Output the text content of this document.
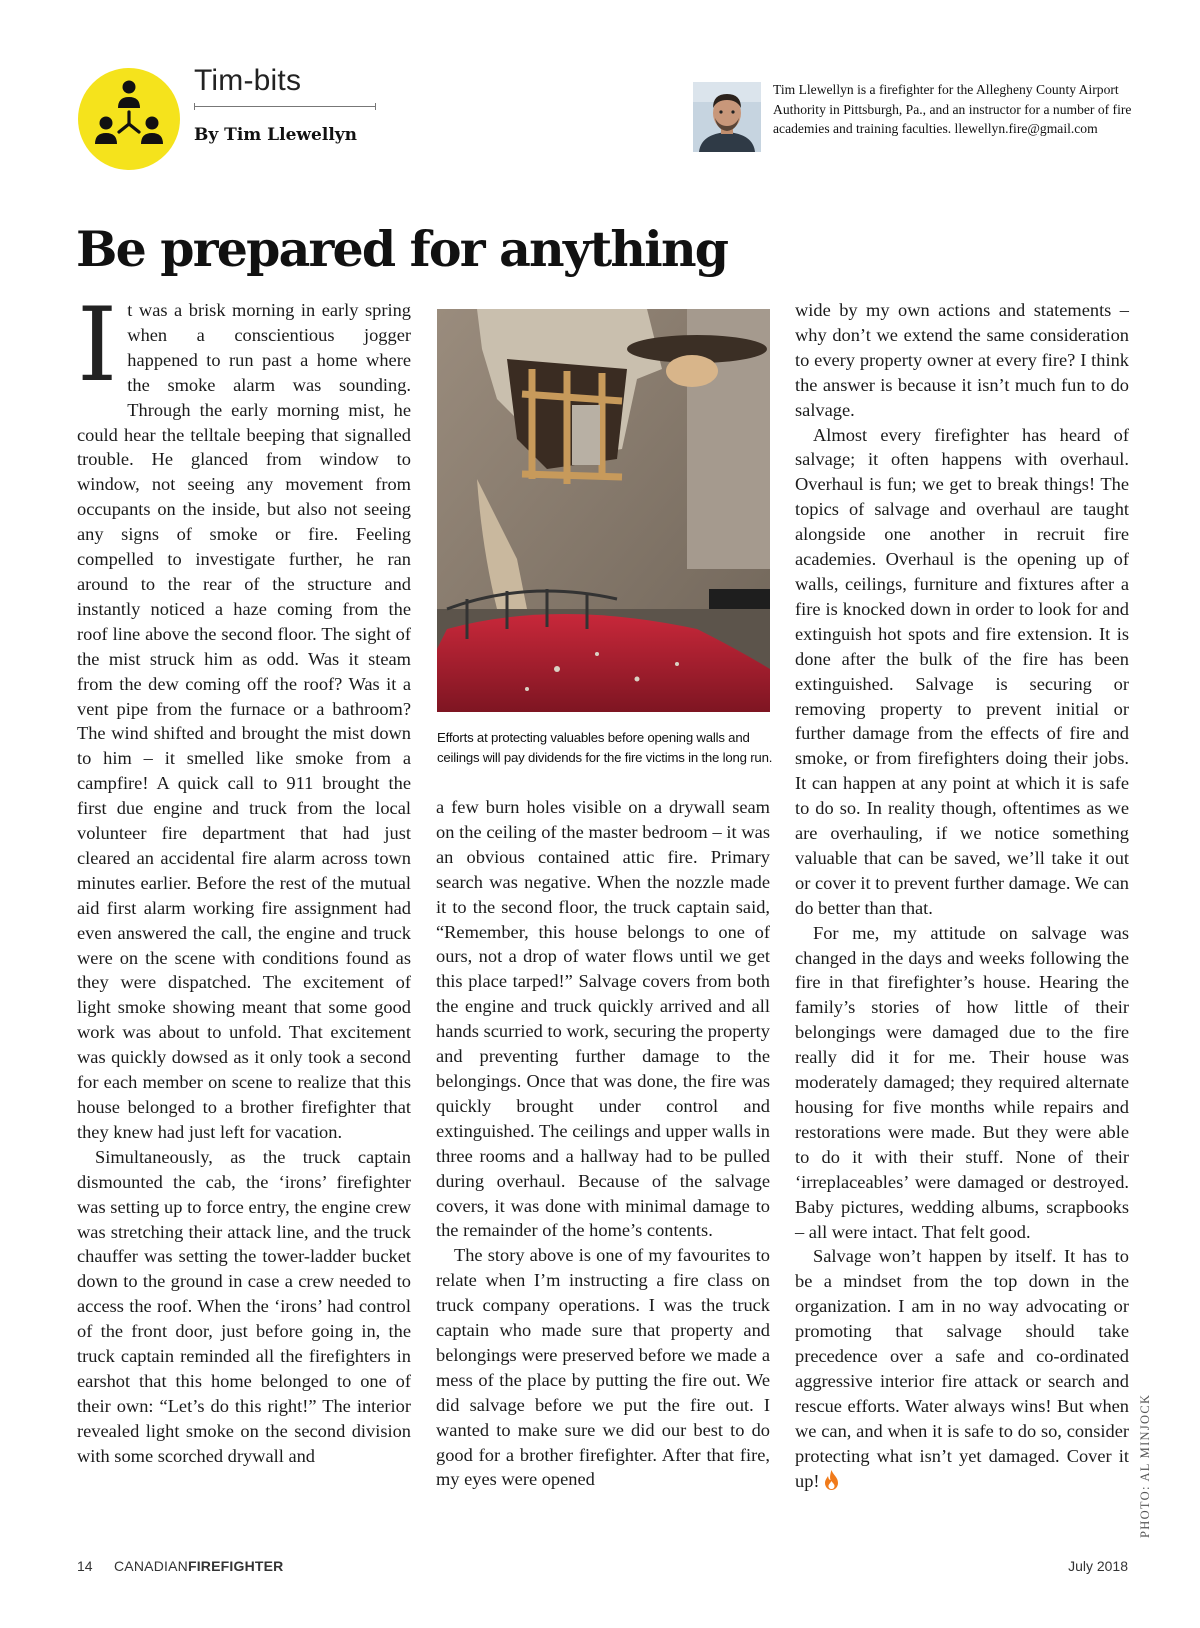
Tim-bits
By Tim Llewellyn
Tim Llewellyn is a firefighter for the Allegheny County Airport Authority in Pittsburgh, Pa., and an instructor for a number of fire academies and training faculties. llewellyn.fire@gmail.com
Be prepared for anything

It was a brisk morning in early spring when a conscientious jogger happened to run past a home where the smoke alarm was sounding. Through the early morning mist, he could hear the telltale beeping that signalled trouble. He glanced from window to window, not seeing any movement from occupants on the inside, but also not seeing any signs of smoke or fire. Feeling compelled to investigate further, he ran around to the rear of the structure and instantly noticed a haze coming from the roof line above the second floor. The sight of the mist struck him as odd. Was it steam from the dew coming off the roof? Was it a vent pipe from the furnace or a bathroom? The wind shifted and brought the mist down to him – it smelled like smoke from a campfire! A quick call to 911 brought the first due engine and truck from the local volunteer fire department that had just cleared an accidental fire alarm across town minutes earlier. Before the rest of the mutual aid first alarm working fire assignment had even answered the call, the engine and truck were on the scene with conditions found as they were dispatched. The excitement of light smoke showing meant that some good work was about to unfold. That excitement was quickly dowsed as it only took a second for each member on scene to realize that this house belonged to a brother firefighter that they knew had just left for vacation.

Simultaneously, as the truck captain dismounted the cab, the ‘irons’ firefighter was setting up to force entry, the engine crew was stretching their attack line, and the truck chauffer was setting the tower-ladder bucket down to the ground in case a crew needed to access the roof. When the ‘irons’ had control of the front door, just before going in, the truck captain reminded all the firefighters in earshot that this home belonged to one of their own: “Let’s do this right!” The interior revealed light smoke on the second division with some scorched drywall and

Efforts at protecting valuables before opening walls and ceilings will pay dividends for the fire victims in the long run.

a few burn holes visible on a drywall seam on the ceiling of the master bedroom – it was an obvious contained attic fire. Primary search was negative. When the nozzle made it to the second floor, the truck captain said, “Remember, this house belongs to one of ours, not a drop of water flows until we get this place tarped!” Salvage covers from both the engine and truck quickly arrived and all hands scurried to work, securing the property and preventing further damage to the belongings. Once that was done, the fire was quickly brought under control and extinguished. The ceilings and upper walls in three rooms and a hallway had to be pulled during overhaul. Because of the salvage covers, it was done with minimal damage to the remainder of the home’s contents.

The story above is one of my favourites to relate when I’m instructing a fire class on truck company operations. I was the truck captain who made sure that property and belongings were preserved before we made a mess of the place by putting the fire out. We did salvage before we put the fire out. I wanted to make sure we did our best to do good for a brother firefighter. After that fire, my eyes were opened

wide by my own actions and statements – why don’t we extend the same consideration to every property owner at every fire? I think the answer is because it isn’t much fun to do salvage.

Almost every firefighter has heard of salvage; it often happens with overhaul. Overhaul is fun; we get to break things! The topics of salvage and overhaul are taught alongside one another in recruit fire academies. Overhaul is the opening up of walls, ceilings, furniture and fixtures after a fire is knocked down in order to look for and extinguish hot spots and fire extension. It is done after the bulk of the fire has been extinguished. Salvage is securing or removing property to prevent initial or further damage from the effects of fire and smoke, or from firefighters doing their jobs. It can happen at any point at which it is safe to do so. In reality though, oftentimes as we are overhauling, if we notice something valuable that can be saved, we’ll take it out or cover it to prevent further damage. We can do better than that.

For me, my attitude on salvage was changed in the days and weeks following the fire in that firefighter’s house. Hearing the family’s stories of how little of their belongings were damaged due to the fire really did it for me. Their house was moderately damaged; they required alternate housing for five months while repairs and restorations were made. But they were able to do it with their stuff. None of their ‘irreplaceables’ were damaged or destroyed. Baby pictures, wedding albums, scrapbooks – all were intact. That felt good.

Salvage won’t happen by itself. It has to be a mindset from the top down in the organization. I am in no way advocating or promoting that salvage should take precedence over a safe and co-ordinated aggressive interior fire attack or search and rescue efforts. Water always wins! But when we can, and when it is safe to do so, consider protecting what isn’t yet damaged. Cover it up!	PHOTO: AL MINJOCK
14 CANADIANFIREFIGHTER	July 2018
